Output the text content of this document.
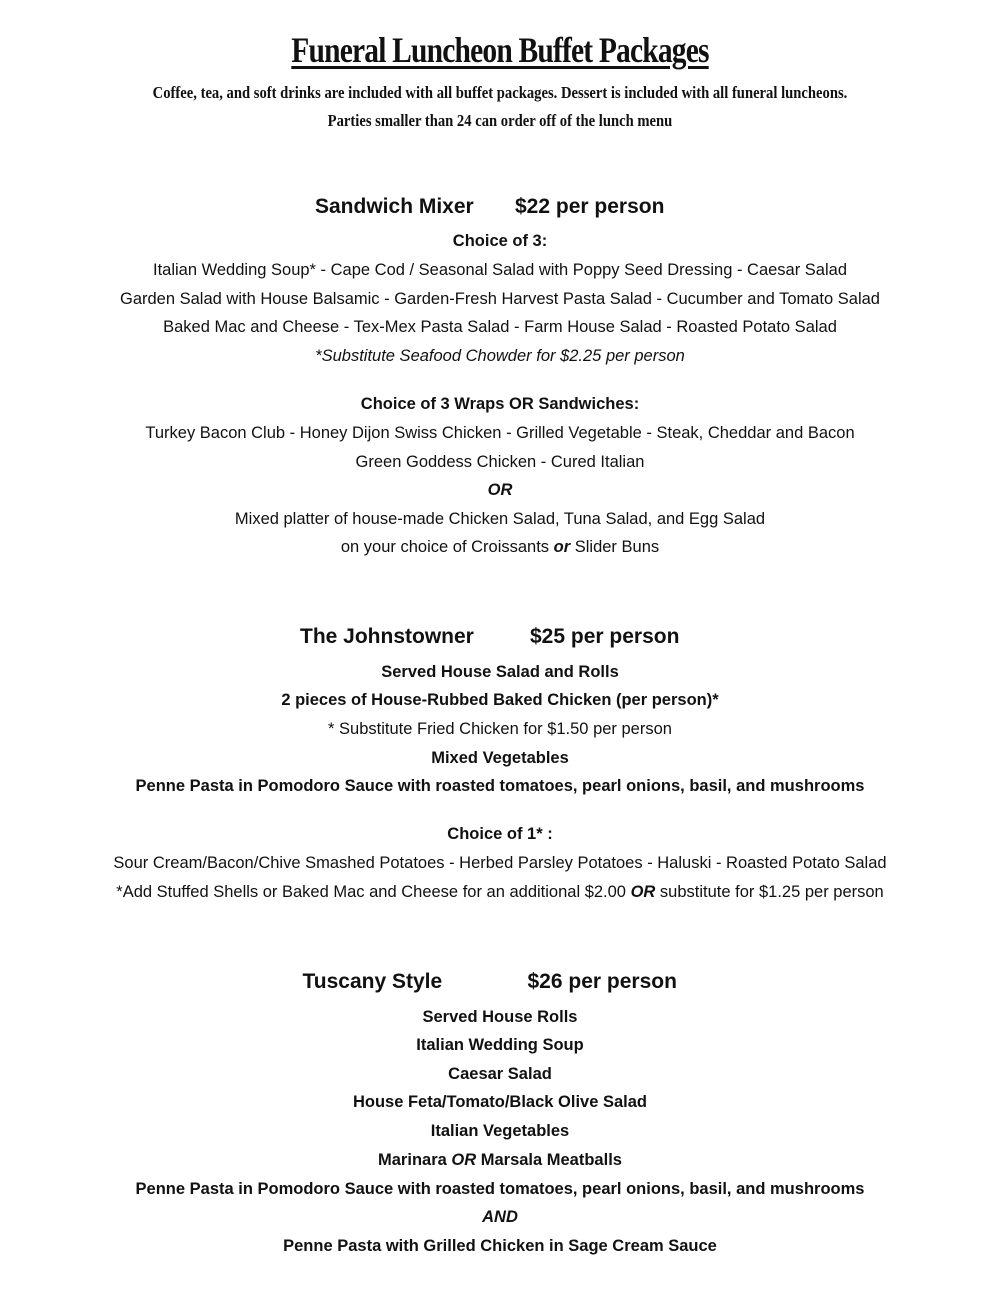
Funeral Luncheon Buffet Packages
Coffee, tea, and soft drinks are included with all buffet packages. Dessert is included with all funeral luncheons.
Parties smaller than 24 can order off of the lunch menu
Sandwich Mixer $22 per person
Choice of 3:
Italian Wedding Soup* - Cape Cod / Seasonal Salad with Poppy Seed Dressing - Caesar Salad
Garden Salad with House Balsamic - Garden-Fresh Harvest Pasta Salad - Cucumber and Tomato Salad
Baked Mac and Cheese - Tex-Mex Pasta Salad - Farm House Salad - Roasted Potato Salad
*Substitute Seafood Chowder for $2.25 per person
Choice of 3 Wraps OR Sandwiches:
Turkey Bacon Club - Honey Dijon Swiss Chicken - Grilled Vegetable - Steak, Cheddar and Bacon
Green Goddess Chicken - Cured Italian
OR
Mixed platter of house-made Chicken Salad, Tuna Salad, and Egg Salad
on your choice of Croissants or Slider Buns
The Johnstowner	$25 per person
Served House Salad and Rolls
2 pieces of House-Rubbed Baked Chicken (per person)*
* Substitute Fried Chicken for $1.50 per person
Mixed Vegetables
Penne Pasta in Pomodoro Sauce with roasted tomatoes, pearl onions, basil, and mushrooms
Choice of 1* :
Sour Cream/Bacon/Chive Smashed Potatoes - Herbed Parsley Potatoes - Haluski - Roasted Potato Salad
*Add Stuffed Shells or Baked Mac and Cheese for an additional $2.00 OR substitute for $1.25 per person
Tuscany Style	$26 per person
Served House Rolls
Italian Wedding Soup
Caesar Salad
House Feta/Tomato/Black Olive Salad
Italian Vegetables
Marinara OR Marsala Meatballs
Penne Pasta in Pomodoro Sauce with roasted tomatoes, pearl onions, basil, and mushrooms
AND
Penne Pasta with Grilled Chicken in Sage Cream Sauce
